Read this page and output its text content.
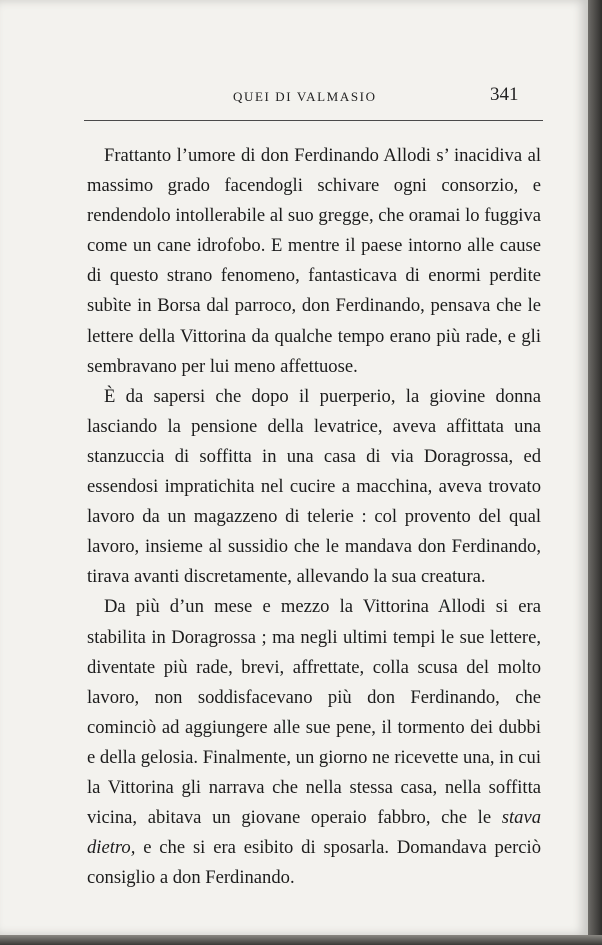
QUEI DI VALMASIO	341

Frattanto l’umore di don Ferdinando Allodi s’ inacidiva al massimo grado facendogli schivare ogni consorzio, e rendendolo intollerabile al suo gregge, che oramai lo fuggiva come un cane idrofobo. E mentre il paese intorno alle cause di questo strano fenomeno, fantasticava di enormi perdite subìte in Borsa dal parroco, don Ferdinando, pensava che le lettere della Vittorina da qualche tempo erano più rade, e gli sembravano per lui meno affettuose.

È da sapersi che dopo il puerperio, la giovine donna lasciando la pensione della levatrice, aveva affittata una stanzuccia di soffitta in una casa di via Doragrossa, ed essendosi impratichita nel cucire a macchina, aveva trovato lavoro da un magazzeno di telerie : col provento del qual lavoro, insieme al sussidio che le mandava don Ferdinando, tirava avanti discretamente, allevando la sua creatura.

Da più d’un mese e mezzo la Vittorina Allodi si era stabilita in Doragrossa ; ma negli ultimi tempi le sue lettere, diventate più rade, brevi, affrettate, colla scusa del molto lavoro, non soddisfacevano più don Ferdinando, che cominciò ad aggiungere alle sue pene, il tormento dei dubbi e della gelosia. Finalmente, un giorno ne ricevette una, in cui la Vittorina gli narrava che nella stessa casa, nella soffitta vicina, abitava un giovane operaio fabbro, che le stava dietro, e che si era esibito di sposarla. Domandava perciò consiglio a don Ferdinando.
